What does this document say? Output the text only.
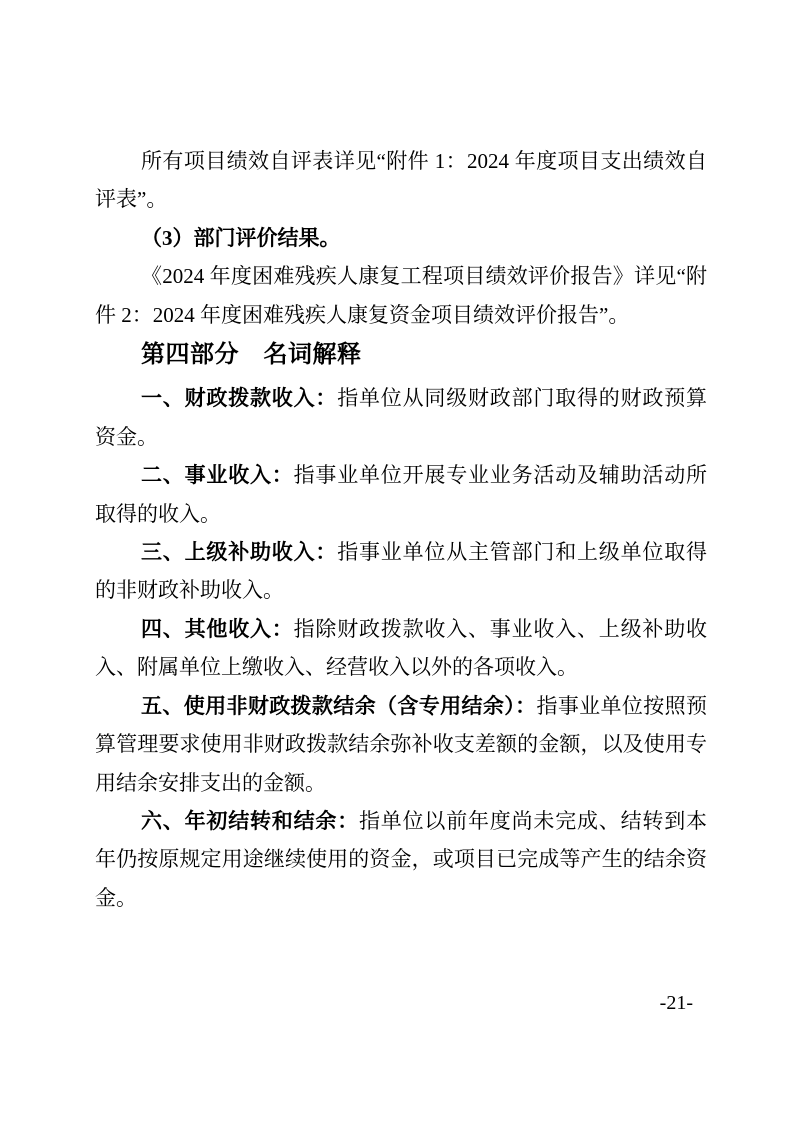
所有项目绩效自评表详见“附件 1：2024 年度项目支出绩效自评表”。

（3）部门评价结果。

《2024 年度困难残疾人康复工程项目绩效评价报告》详见“附件 2：2024 年度困难残疾人康复资金项目绩效评价报告”。

第四部分　名词解释

一、财政拨款收入：指单位从同级财政部门取得的财政预算资金。

二、事业收入：指事业单位开展专业业务活动及辅助活动所取得的收入。

三、上级补助收入：指事业单位从主管部门和上级单位取得的非财政补助收入。

四、其他收入：指除财政拨款收入、事业收入、上级补助收入、附属单位上缴收入、经营收入以外的各项收入。

五、使用非财政拨款结余（含专用结余）：指事业单位按照预算管理要求使用非财政拨款结余弥补收支差额的金额，以及使用专用结余安排支出的金额。

六、年初结转和结余：指单位以前年度尚未完成、结转到本年仍按原规定用途继续使用的资金，或项目已完成等产生的结余资金。

-21-
